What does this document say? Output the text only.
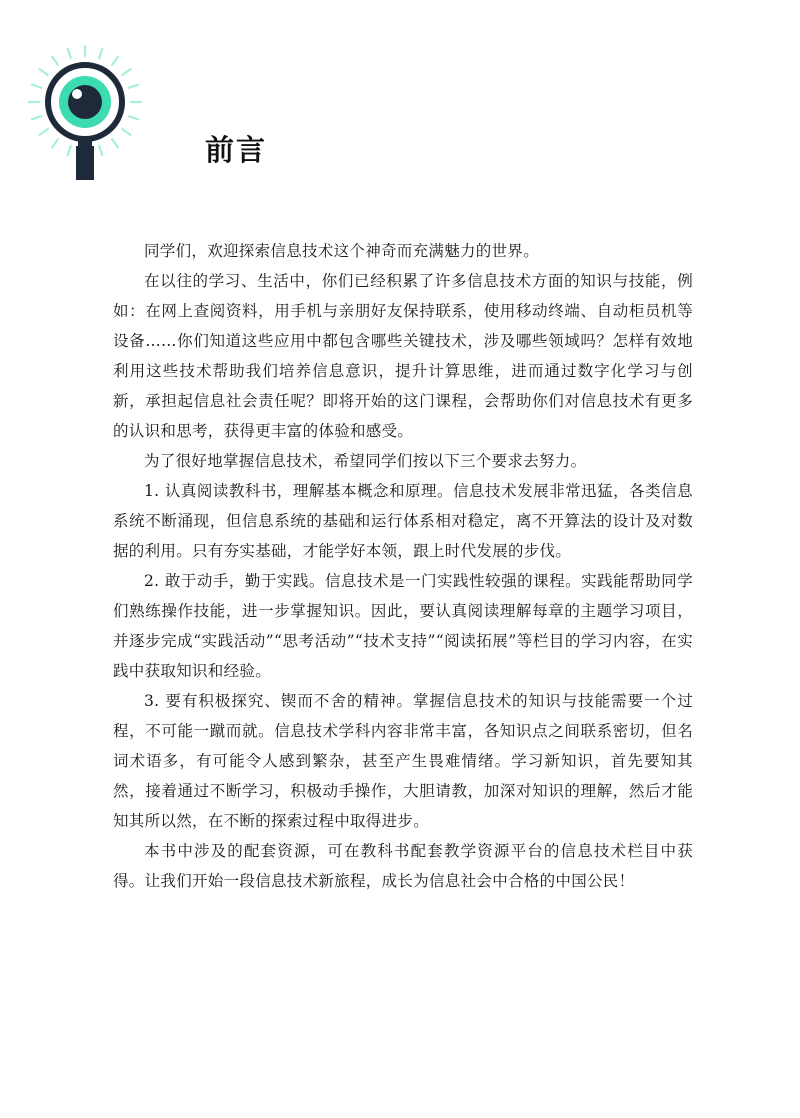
前言

同学们，欢迎探索信息技术这个神奇而充满魅力的世界。

在以往的学习、生活中，你们已经积累了许多信息技术方面的知识与技能，例如：在网上查阅资料，用手机与亲朋好友保持联系，使用移动终端、自动柜员机等设备……你们知道这些应用中都包含哪些关键技术，涉及哪些领域吗？怎样有效地利用这些技术帮助我们培养信息意识，提升计算思维，进而通过数字化学习与创新，承担起信息社会责任呢？即将开始的这门课程，会帮助你们对信息技术有更多的认识和思考，获得更丰富的体验和感受。

为了很好地掌握信息技术，希望同学们按以下三个要求去努力。

1. 认真阅读教科书，理解基本概念和原理。信息技术发展非常迅猛，各类信息系统不断涌现，但信息系统的基础和运行体系相对稳定，离不开算法的设计及对数据的利用。只有夯实基础，才能学好本领，跟上时代发展的步伐。

2. 敢于动手，勤于实践。信息技术是一门实践性较强的课程。实践能帮助同学们熟练操作技能，进一步掌握知识。因此，要认真阅读理解每章的主题学习项目，并逐步完成“实践活动”“思考活动”“技术支持”“阅读拓展”等栏目的学习内容，在实践中获取知识和经验。

3. 要有积极探究、锲而不舍的精神。掌握信息技术的知识与技能需要一个过程，不可能一蹴而就。信息技术学科内容非常丰富，各知识点之间联系密切，但名词术语多，有可能令人感到繁杂，甚至产生畏难情绪。学习新知识，首先要知其然，接着通过不断学习，积极动手操作，大胆请教，加深对知识的理解，然后才能知其所以然，在不断的探索过程中取得进步。

本书中涉及的配套资源，可在教科书配套教学资源平台的信息技术栏目中获得。让我们开始一段信息技术新旅程，成长为信息社会中合格的中国公民！
